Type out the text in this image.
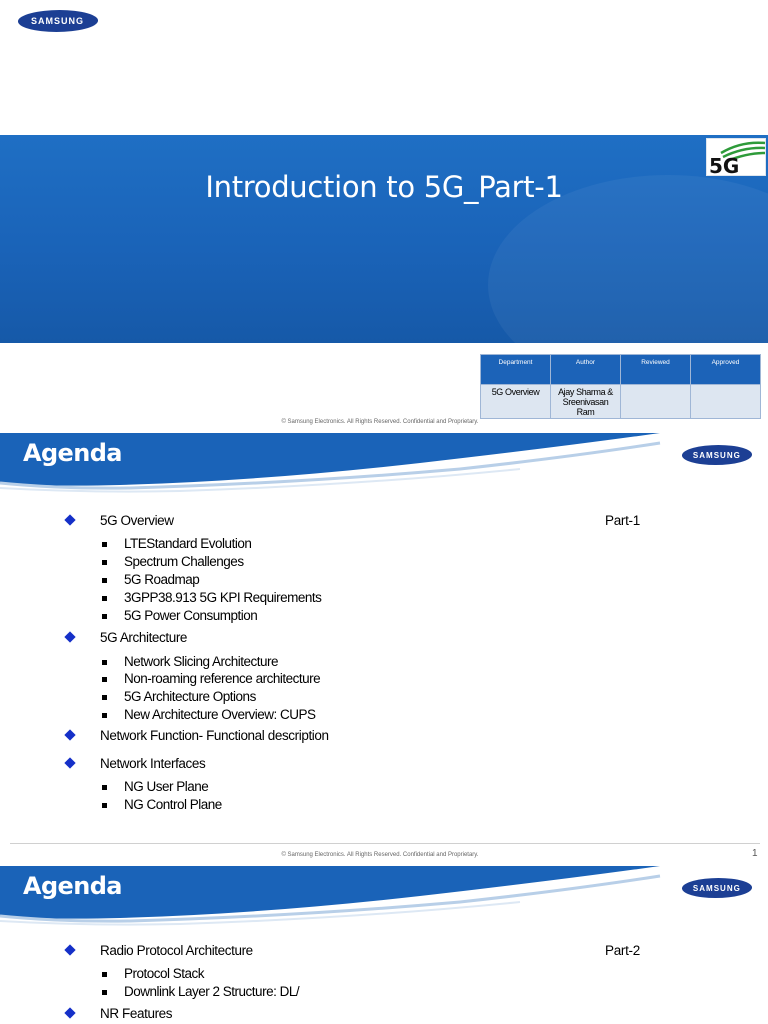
SAMSUNG
Introduction to 5G_Part-1
5G
Department	Author	Reviewed	Approved
5G Overview	Ajay Sharma & Sreenivasan Ram		
© Samsung Electronics. All Rights Reserved. Confidential and Proprietary.
Agenda	SAMSUNG
5G Overview	Part-1
LTEStandard Evolution
Spectrum Challenges
5G Roadmap
3GPP38.913 5G KPI Requirements
5G Power Consumption
5G Architecture
Network Slicing Architecture
Non-roaming reference architecture
5G Architecture Options
New Architecture Overview: CUPS
Network Function- Functional description
Network Interfaces
NG User Plane
NG Control Plane
© Samsung Electronics. All Rights Reserved. Confidential and Proprietary.	1
Agenda	SAMSUNG
Radio Protocol Architecture	Part-2
Protocol Stack
Downlink Layer 2 Structure: DL/
NR Features
